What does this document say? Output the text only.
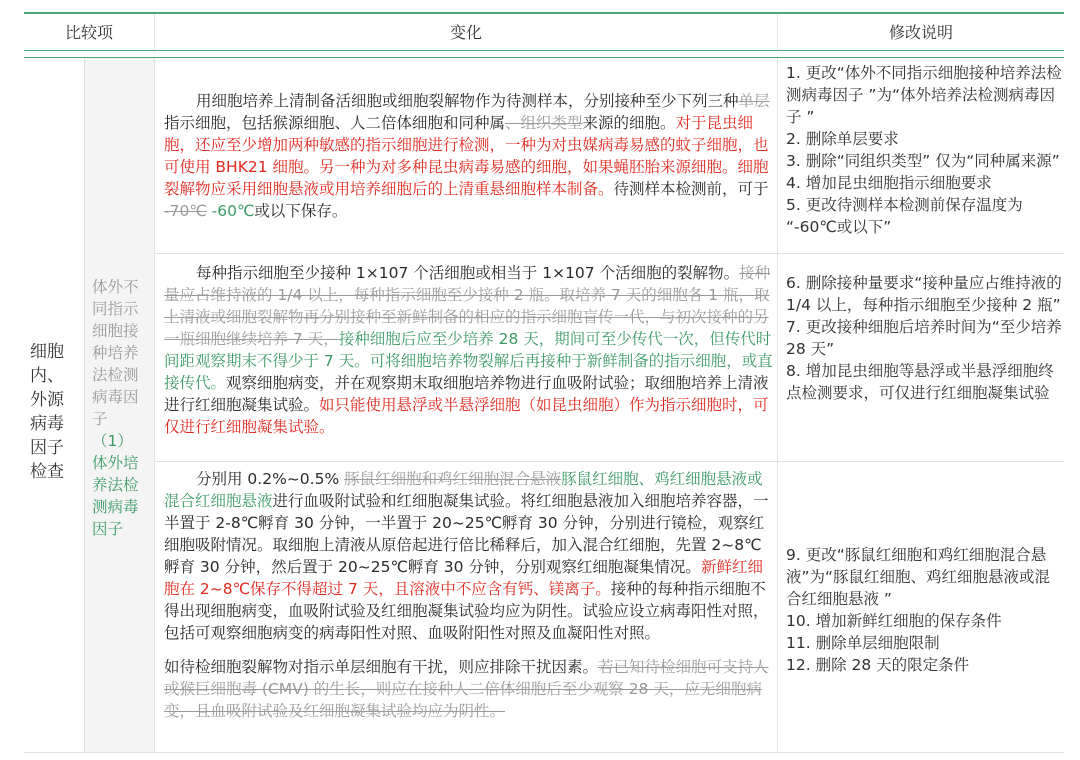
比较项	变化	修改说明
细胞内、外源病毒因子检查
体外不同指示细胞接种培养法检测病毒因子
（1）
体外培养法检测病毒因子
用细胞培养上清制备活细胞或细胞裂解物作为待测样本，分别接种至少下列三种单层指示细胞，包括猴源细胞、人二倍体细胞和同种属、组织类型来源的细胞。对于昆虫细胞，还应至少增加两种敏感的指示细胞进行检测，一种为对虫媒病毒易感的蚊子细胞，也可使用 BHK21 细胞。另一种为对多种昆虫病毒易感的细胞，如果蝇胚胎来源细胞。细胞裂解物应采用细胞悬液或用培养细胞后的上清重悬细胞样本制备。待测样本检测前，可于 -70℃ -60℃或以下保存。
1. 更改“体外不同指示细胞接种培养法检测病毒因子 ”为“体外培养法检测病毒因子 ”
2. 删除单层要求
3. 删除“同组织类型” 仅为“同种属来源”
4. 增加昆虫细胞指示细胞要求
5. 更改待测样本检测前保存温度为 “-60℃或以下”
每种指示细胞至少接种 1×107 个活细胞或相当于 1×107 个活细胞的裂解物。接种量应占维持液的 1/4 以上，每种指示细胞至少接种 2 瓶。取培养 7 天的细胞各 1 瓶，取上清液或细胞裂解物再分别接种至新鲜制备的相应的指示细胞盲传一代，与初次接种的另一瓶细胞继续培养 7 天，接种细胞后应至少培养 28 天，期间可至少传代一次，但传代时间距观察期末不得少于 7 天。可将细胞培养物裂解后再接种于新鲜制备的指示细胞，或直接传代。观察细胞病变，并在观察期末取细胞培养物进行血吸附试验；取细胞培养上清液进行红细胞凝集试验。如只能使用悬浮或半悬浮细胞（如昆虫细胞）作为指示细胞时，可仅进行红细胞凝集试验。
6. 删除接种量要求“接种量应占维持液的 1/4 以上，每种指示细胞至少接种 2 瓶”
7. 更改接种细胞后培养时间为“至少培养 28 天”
8. 增加昆虫细胞等悬浮或半悬浮细胞终点检测要求，可仅进行红细胞凝集试验
分别用 0.2%~0.5% 豚鼠红细胞和鸡红细胞混合悬液豚鼠红细胞、鸡红细胞悬液或混合红细胞悬液进行血吸附试验和红细胞凝集试验。将红细胞悬液加入细胞培养容器，一半置于 2-8℃孵育 30 分钟，一半置于 20~25℃孵育 30 分钟，分别进行镜检，观察红细胞吸附情况。取细胞上清液从原倍起进行倍比稀释后，加入混合红细胞，先置 2~8℃孵育 30 分钟，然后置于 20~25℃孵育 30 分钟，分别观察红细胞凝集情况。新鲜红细胞在 2~8℃保存不得超过 7 天，且溶液中不应含有钙、镁离子。接种的每种指示细胞不得出现细胞病变，血吸附试验及红细胞凝集试验均应为阴性。试验应设立病毒阳性对照，包括可观察细胞病变的病毒阳性对照、血吸附阳性对照及血凝阳性对照。
如待检细胞裂解物对指示单层细胞有干扰，则应排除干扰因素。若已知待检细胞可支持人或猴巨细胞毒 (CMV) 的生长，则应在接种人二倍体细胞后至少观察 28 天，应无细胞病变，且血吸附试验及红细胞凝集试验均应为阴性。
9. 更改“豚鼠红细胞和鸡红细胞混合悬液”为“豚鼠红细胞、鸡红细胞悬液或混合红细胞悬液 ”
10. 增加新鲜红细胞的保存条件
11. 删除单层细胞限制
12. 删除 28 天的限定条件
